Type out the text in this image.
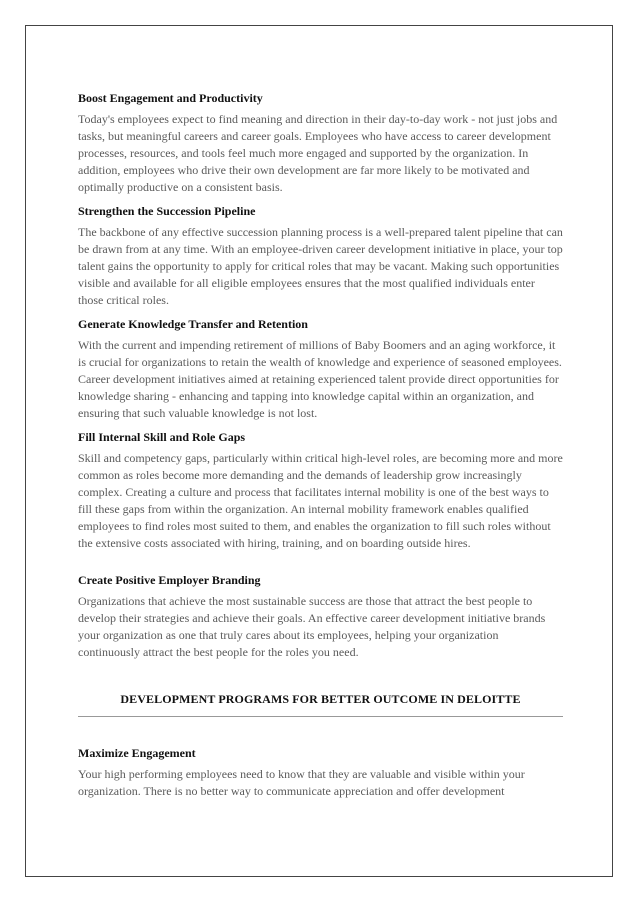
Boost Engagement and Productivity

Today's employees expect to find meaning and direction in their day-to-day work - not just jobs and tasks, but meaningful careers and career goals. Employees who have access to career development processes, resources, and tools feel much more engaged and supported by the organization. In addition, employees who drive their own development are far more likely to be motivated and optimally productive on a consistent basis.

Strengthen the Succession Pipeline

The backbone of any effective succession planning process is a well-prepared talent pipeline that can be drawn from at any time. With an employee-driven career development initiative in place, your top talent gains the opportunity to apply for critical roles that may be vacant. Making such opportunities visible and available for all eligible employees ensures that the most qualified individuals enter those critical roles.

Generate Knowledge Transfer and Retention

With the current and impending retirement of millions of Baby Boomers and an aging workforce, it is crucial for organizations to retain the wealth of knowledge and experience of seasoned employees. Career development initiatives aimed at retaining experienced talent provide direct opportunities for knowledge sharing - enhancing and tapping into knowledge capital within an organization, and ensuring that such valuable knowledge is not lost.

Fill Internal Skill and Role Gaps

Skill and competency gaps, particularly within critical high-level roles, are becoming more and more common as roles become more demanding and the demands of leadership grow increasingly complex. Creating a culture and process that facilitates internal mobility is one of the best ways to fill these gaps from within the organization. An internal mobility framework enables qualified employees to find roles most suited to them, and enables the organization to fill such roles without the extensive costs associated with hiring, training, and on boarding outside hires.

Create Positive Employer Branding

Organizations that achieve the most sustainable success are those that attract the best people to develop their strategies and achieve their goals. An effective career development initiative brands your organization as one that truly cares about its employees, helping your organization continuously attract the best people for the roles you need.

DEVELOPMENT PROGRAMS FOR BETTER OUTCOME IN DELOITTE
Maximize Engagement

Your high performing employees need to know that they are valuable and visible within your organization. There is no better way to communicate appreciation and offer development
